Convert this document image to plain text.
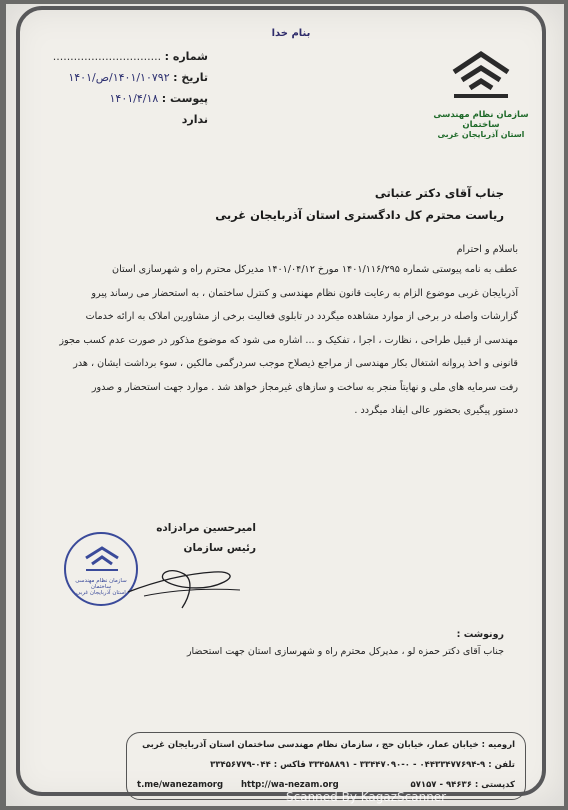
بنام خدا
شماره : ...............................
تاریخ : ۱۴۰۱/۱۰۷۹۲/ص/۱۴۰۱
پیوست : ۱۴۰۱/۴/۱۸
ندارد	سازمان نظام مهندسی ساختمان
استان آذربایجان غربی
جناب آقای دکتر عتباتی
ریاست محترم کل دادگستری استان آذربایجان غربی
باسلام و احترام

عطف به نامه پیوستی شماره ۱۴۰۱/۱۱۶/۲۹۵ مورخ ۱۴۰۱/۰۴/۱۲ مدیرکل محترم راه و شهرسازی استان

آذربایجان غربی موضوع الزام به رعایت قانون نظام مهندسی و کنترل ساختمان ، به استحضار می رساند پیرو

گزارشات واصله در برخی از موارد مشاهده میگردد در تابلوی فعالیت برخی از مشاورین املاک به ارائه خدمات

مهندسی از قبیل طراحی ، نظارت ، اجرا ، تفکیک و ... اشاره می شود که موضوع مذکور در صورت عدم کسب مجوز

قانونی و اخذ پروانه اشتغال بکار مهندسی از مراجع ذیصلاح موجب سردرگمی مالکین ، سوء برداشت ایشان ، هدر

رفت سرمایه های ملی و نهایتاً منجر به ساخت و سازهای غیرمجاز خواهد شد . موارد جهت استحضار و صدور

دستور پیگیری بحضور عالی ایفاد میگردد .

امیرحسین مرادزاده
رئیس سازمان
سازمان نظام مهندسی ساختمان
استان آذربایجان غربی
رونوشت :
جناب آقای دکتر حمزه لو ، مدیرکل محترم راه و شهرسازی استان جهت استحضار
ارومیه : خیابان عمار، خیابان حج ، سازمان نظام مهندسی ساختمان استان آذربایجان غربی
تلفن : ۹-۰۴۴۳۳۴۷۷۶۹۴ - ۰-۳۳۴۴۷۰۹۰ - ۳۳۴۵۸۸۹۱ فاکس : ۰۴۴-۳۳۴۵۶۷۷۹
کدپستی : ۹۴۶۳۶ - ۵۷۱۵۷
http://wa-nezam.org
t.me/wanezamorg
Scanned By KagazScanner
